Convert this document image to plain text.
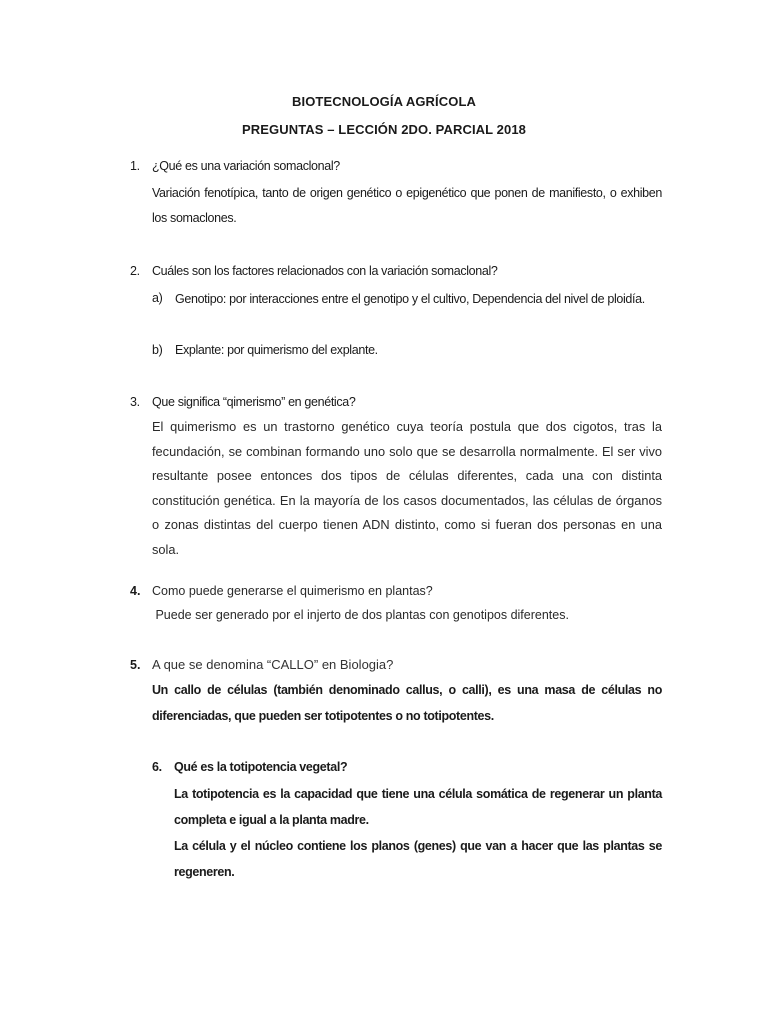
BIOTECNOLOGÍA AGRÍCOLA
PREGUNTAS – LECCIÓN 2DO. PARCIAL 2018
1. ¿Qué es una variación somaclonal?
Variación fenotípica, tanto de origen genético o epigenético que ponen de manifiesto, o exhiben los somaclones.
2. Cuáles son los factores relacionados con la variación somaclonal?
a) Genotipo: por interacciones entre el genotipo y el cultivo, Dependencia del nivel de ploidía.
b) Explante: por quimerismo del explante.
3. Que significa “qimerismo” en genética?
El quimerismo es un trastorno genético cuya teoría postula que dos cigotos, tras la fecundación, se combinan formando uno solo que se desarrolla normalmente. El ser vivo resultante posee entonces dos tipos de células diferentes, cada una con distinta constitución genética. En la mayoría de los casos documentados, las células de órganos o zonas distintas del cuerpo tienen ADN distinto, como si fueran dos personas en una sola.
4. Como puede generarse el quimerismo en plantas?
Puede ser generado por el injerto de dos plantas con genotipos diferentes.
5. A que se denomina “CALLO” en Biologia?
Un callo de células (también denominado callus, o calli), es una masa de células no diferenciadas, que pueden ser totipotentes o no totipotentes.
6. Qué es la totipotencia vegetal?
La totipotencia es la capacidad que tiene una célula somática de regenerar un planta completa e igual a la planta madre.
La célula y el núcleo contiene los planos (genes) que van a hacer que las plantas se regeneren.
